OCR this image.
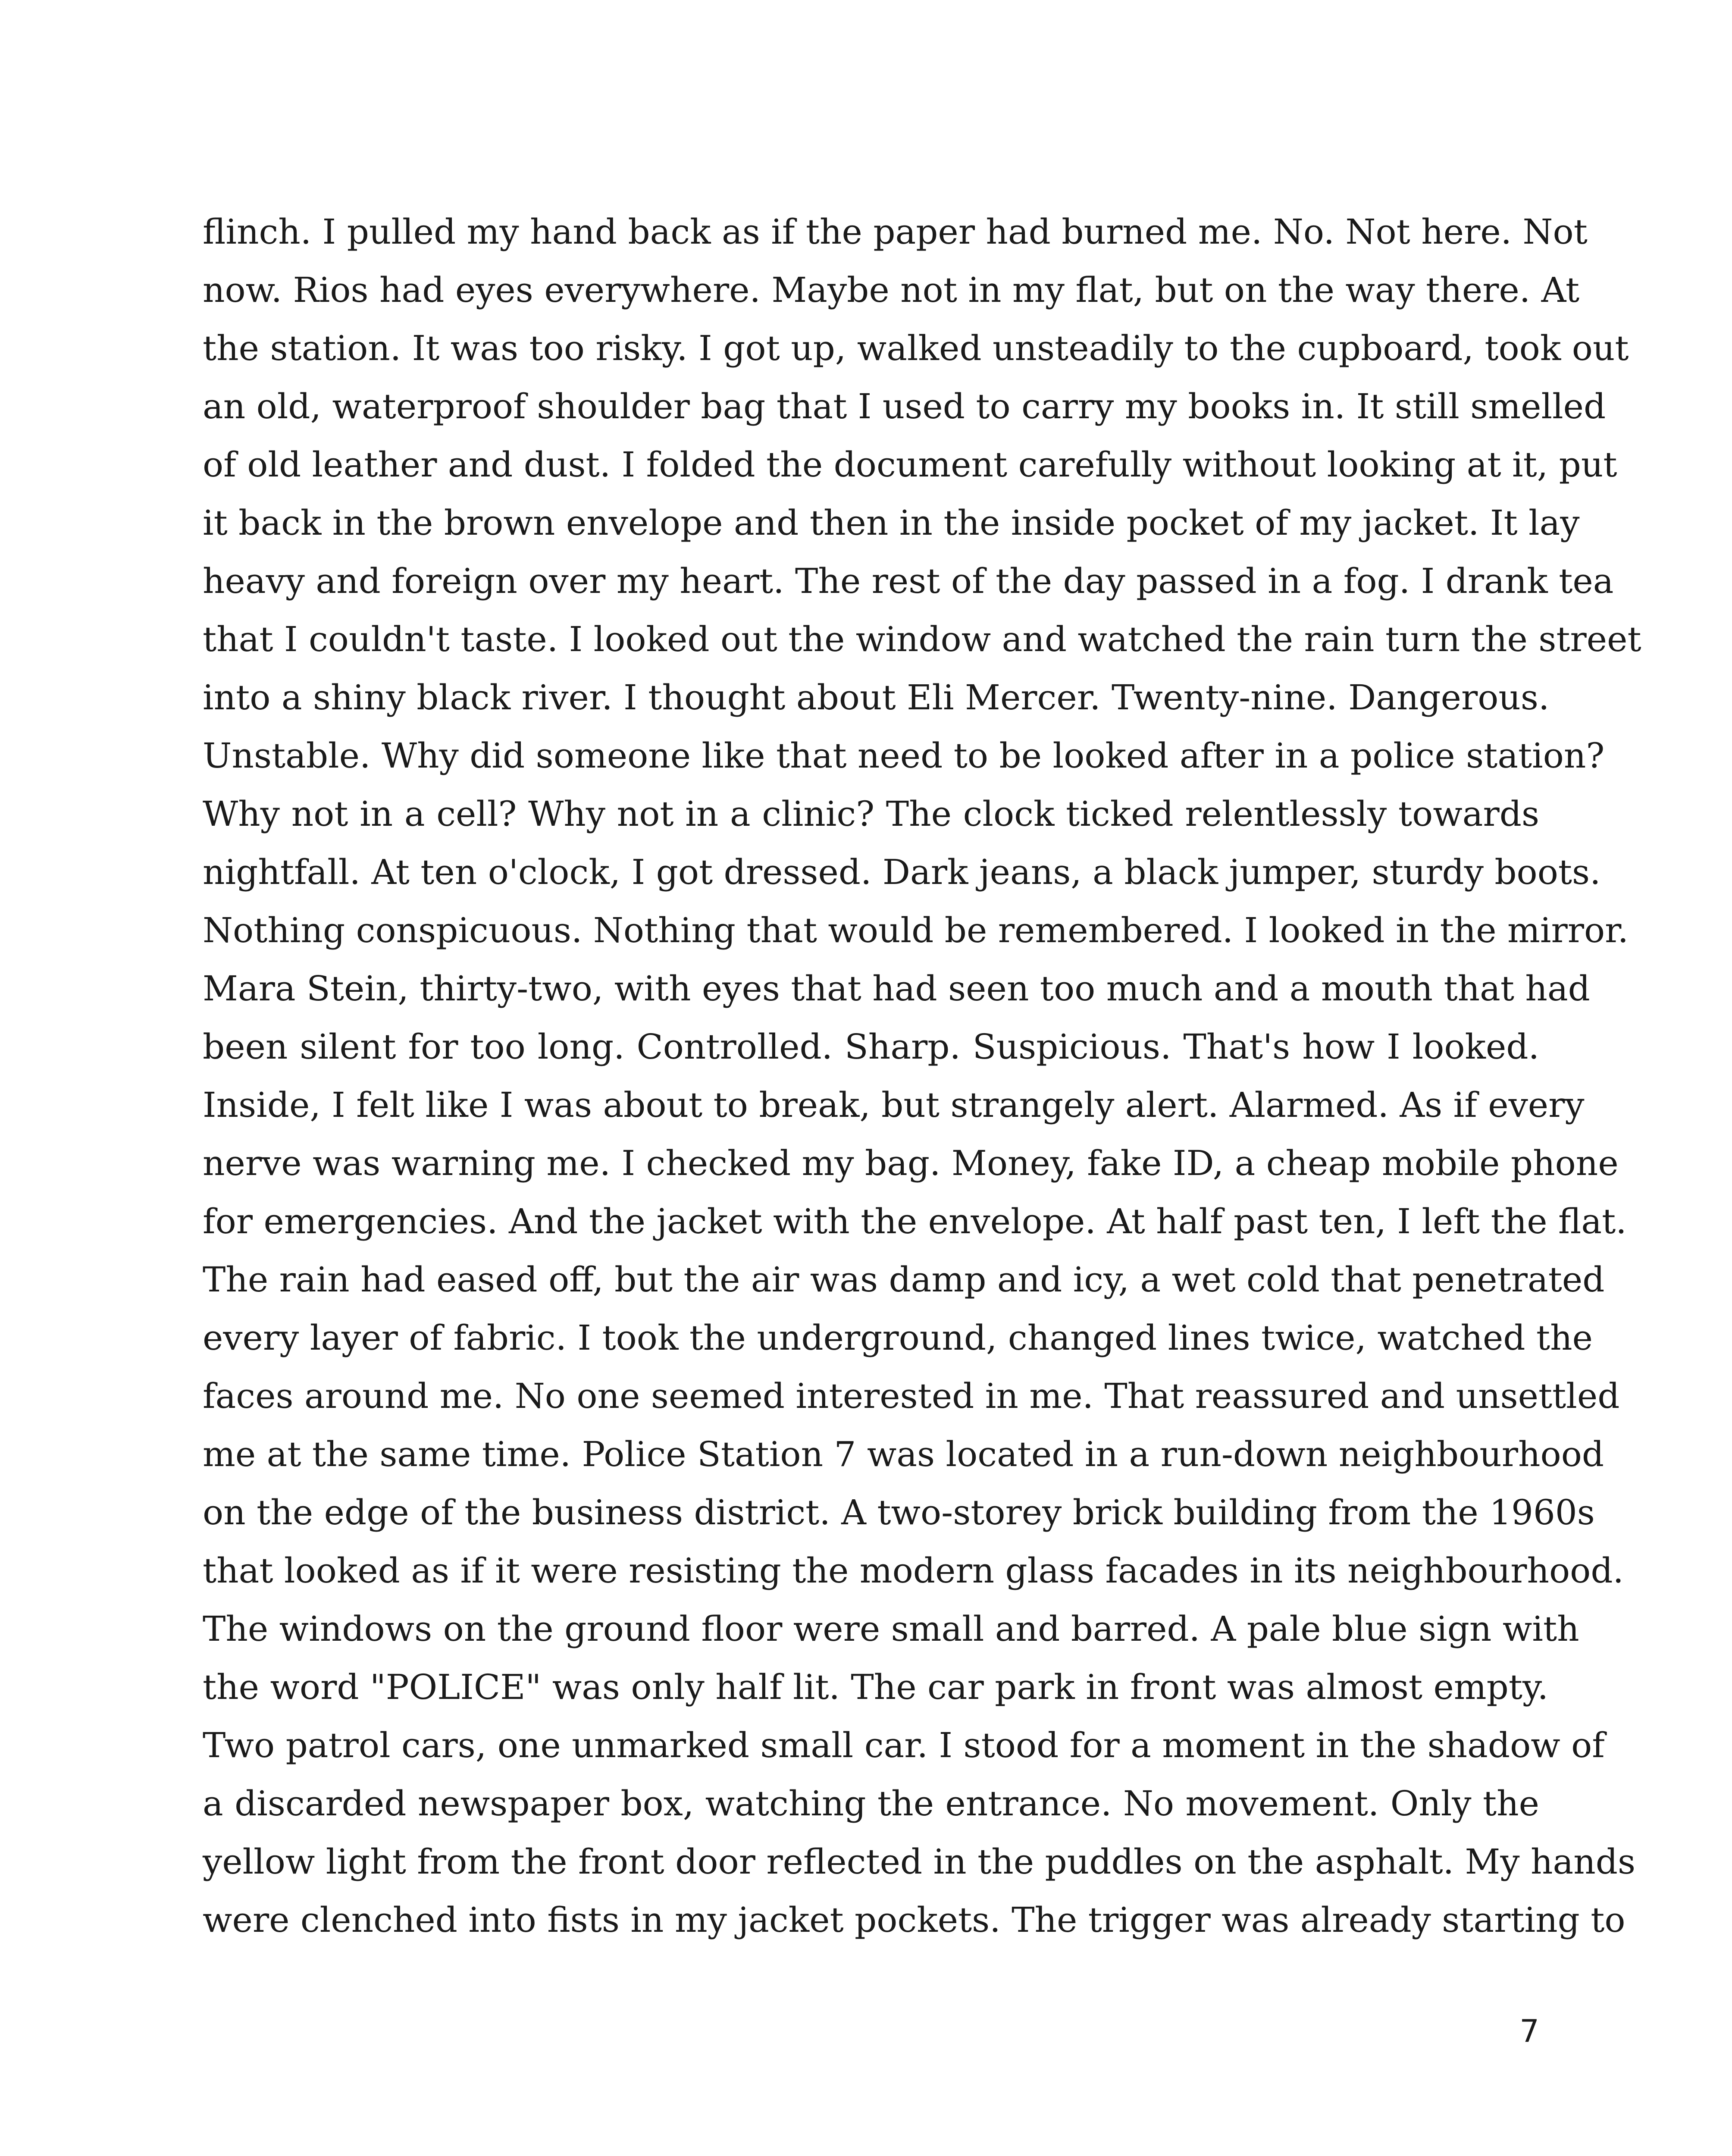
flinch. I pulled my hand back as if the paper had burned me. No. Not here. Not
now. Rios had eyes everywhere. Maybe not in my flat, but on the way there. At
the station. It was too risky. I got up, walked unsteadily to the cupboard, took out
an old, waterproof shoulder bag that I used to carry my books in. It still smelled
of old leather and dust. I folded the document carefully without looking at it, put
it back in the brown envelope and then in the inside pocket of my jacket. It lay
heavy and foreign over my heart. The rest of the day passed in a fog. I drank tea
that I couldn't taste. I looked out the window and watched the rain turn the street
into a shiny black river. I thought about Eli Mercer. Twenty-nine. Dangerous.
Unstable. Why did someone like that need to be looked after in a police station?
Why not in a cell? Why not in a clinic? The clock ticked relentlessly towards
nightfall. At ten o'clock, I got dressed. Dark jeans, a black jumper, sturdy boots.
Nothing conspicuous. Nothing that would be remembered. I looked in the mirror.
Mara Stein, thirty-two, with eyes that had seen too much and a mouth that had
been silent for too long. Controlled. Sharp. Suspicious. That's how I looked.
Inside, I felt like I was about to break, but strangely alert. Alarmed. As if every
nerve was warning me. I checked my bag. Money, fake ID, a cheap mobile phone
for emergencies. And the jacket with the envelope. At half past ten, I left the flat.
The rain had eased off, but the air was damp and icy, a wet cold that penetrated
every layer of fabric. I took the underground, changed lines twice, watched the
faces around me. No one seemed interested in me. That reassured and unsettled
me at the same time. Police Station 7 was located in a run-down neighbourhood
on the edge of the business district. A two-storey brick building from the 1960s
that looked as if it were resisting the modern glass facades in its neighbourhood.
The windows on the ground floor were small and barred. A pale blue sign with
the word "POLICE" was only half lit. The car park in front was almost empty.
Two patrol cars, one unmarked small car. I stood for a moment in the shadow of
a discarded newspaper box, watching the entrance. No movement. Only the
yellow light from the front door reflected in the puddles on the asphalt. My hands
were clenched into fists in my jacket pockets. The trigger was already starting to
7
